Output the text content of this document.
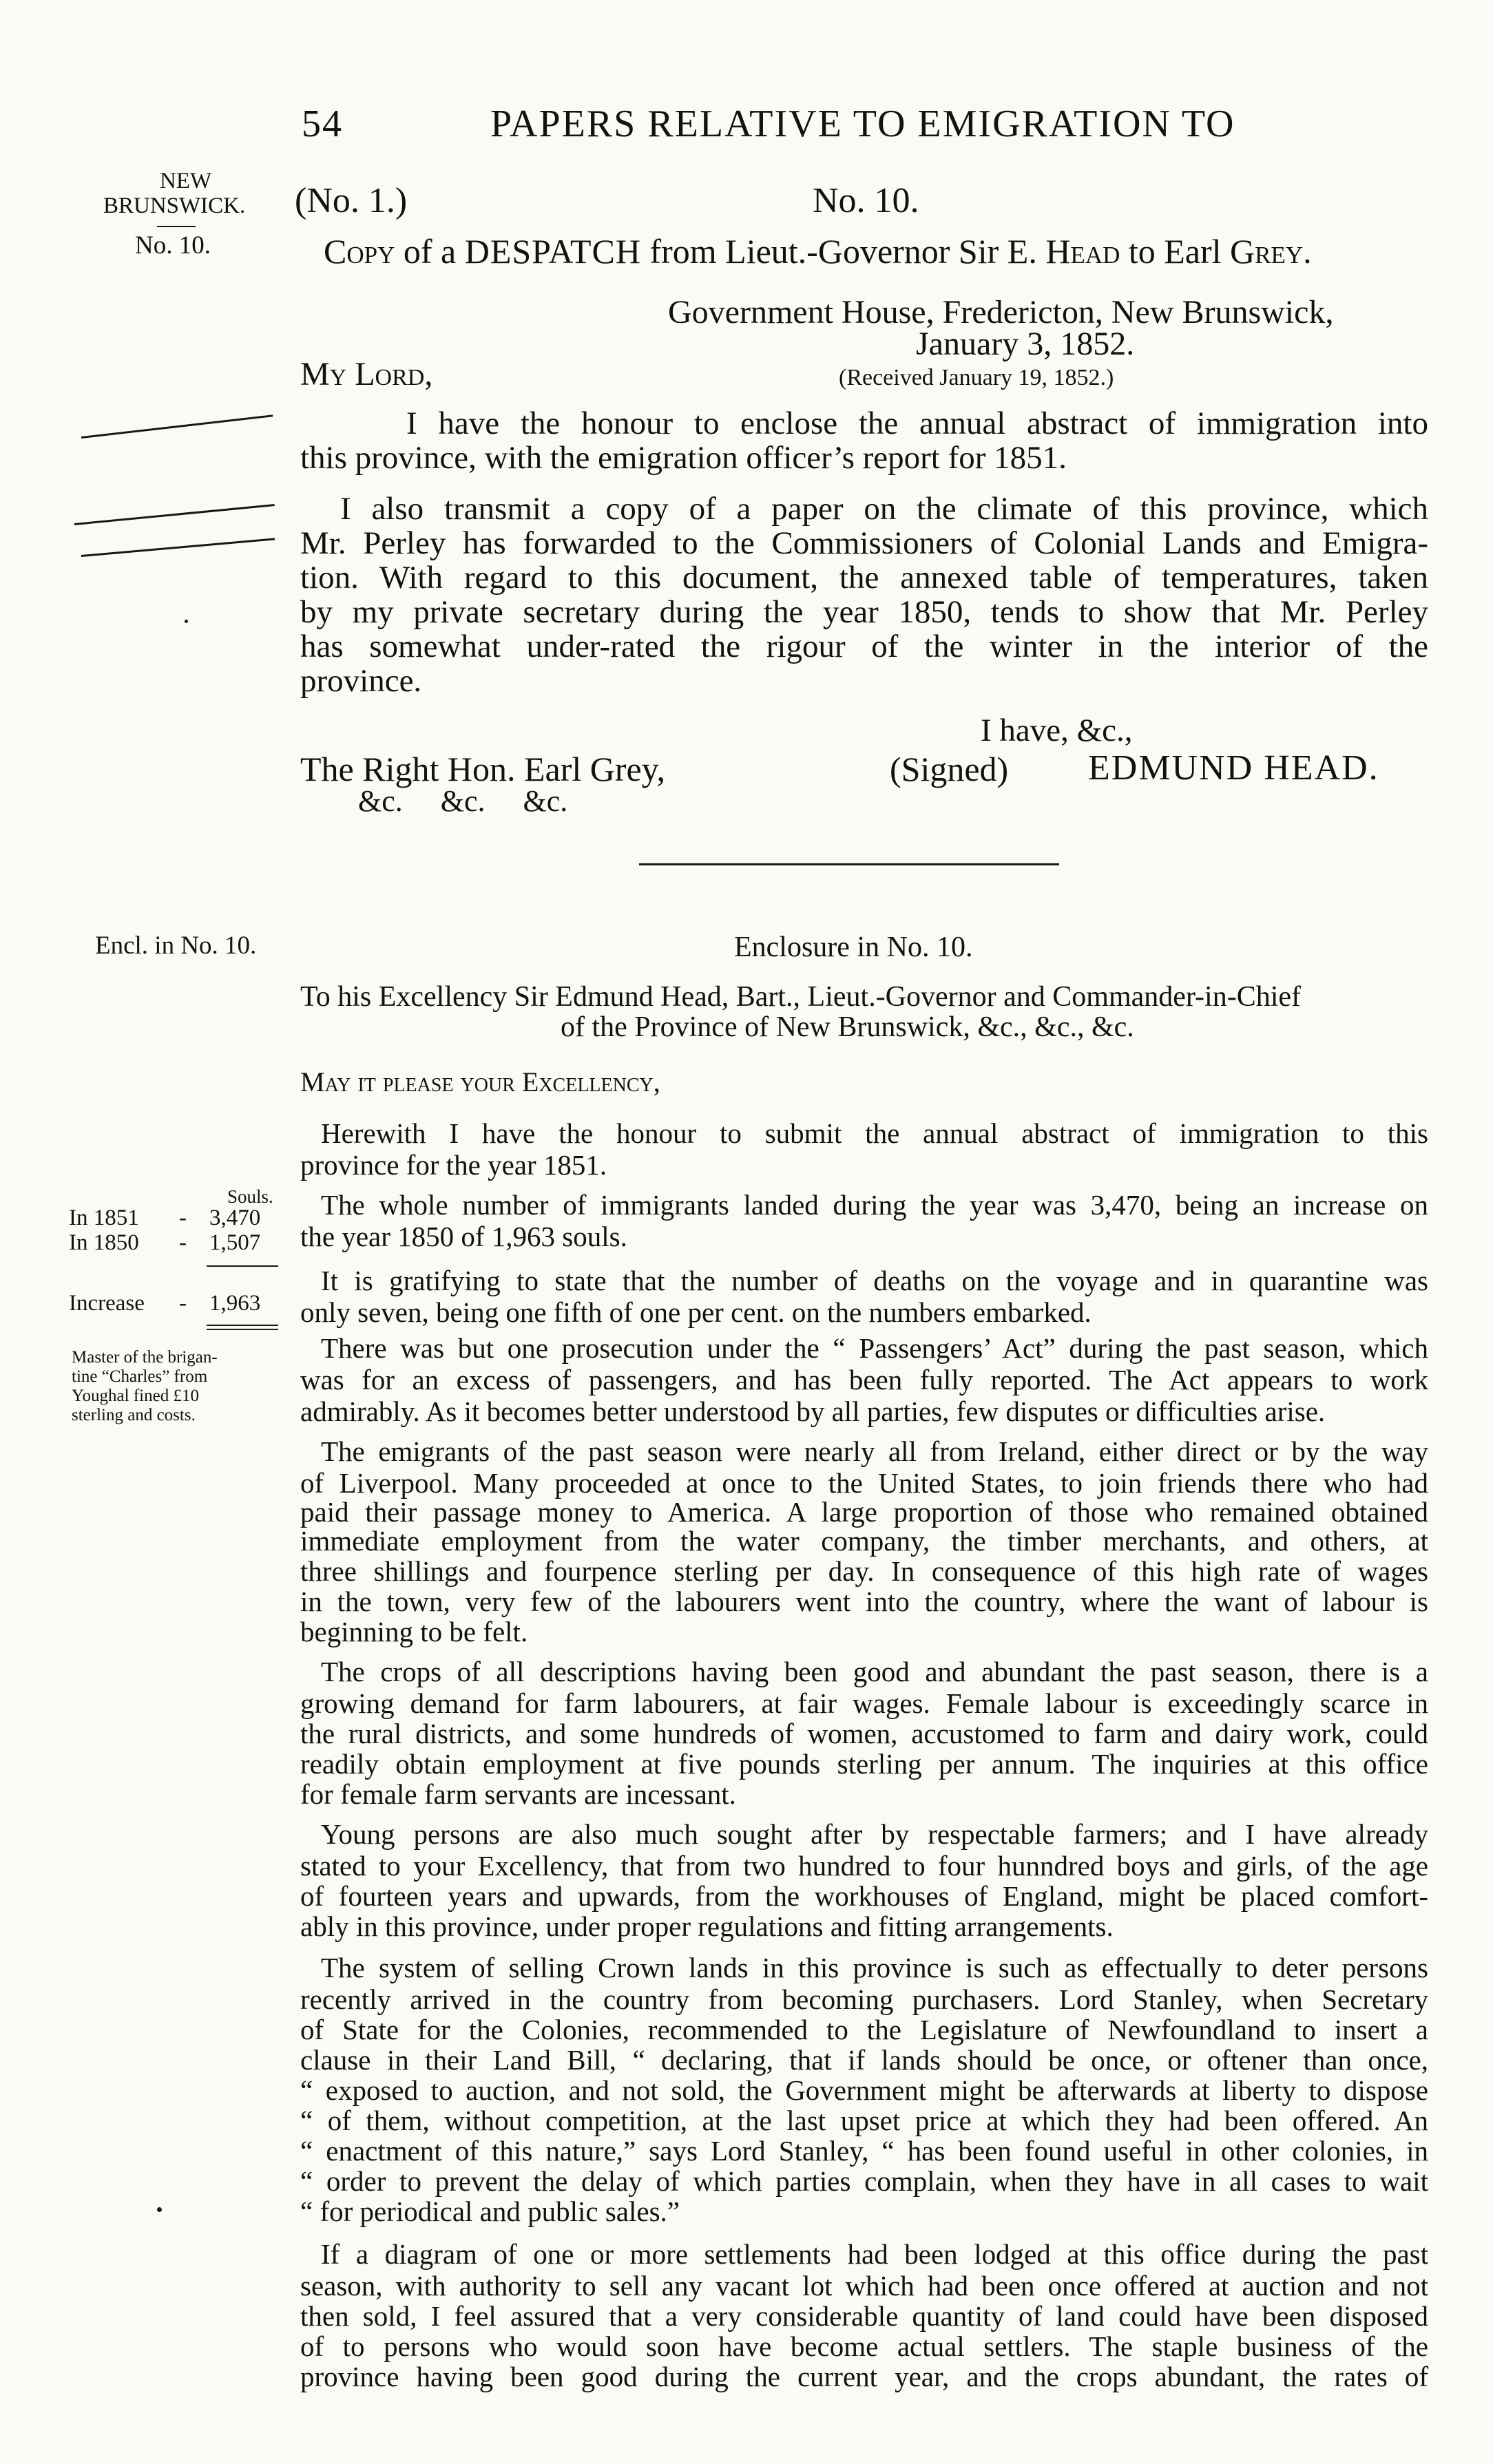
54	PAPERS RELATIVE TO EMIGRATION TO
NEW
BRUNSWICK.
No. 10.
(No. 1.)	No. 10.
Copy of a DESPATCH from Lieut.-Governor Sir E. Head to Earl Grey.
Government House, Fredericton, New Brunswick,
January 3, 1852.
My Lord,	(Received January 19, 1852.)
I have the honour to enclose the annual abstract of immigration into
this province, with the emigration officer’s report for 1851.
I also transmit a copy of a paper on the climate of this province, which
Mr. Perley has forwarded to the Commissioners of Colonial Lands and Emigra-
tion. With regard to this document, the annexed table of temperatures, taken
by my private secretary during the year 1850, tends to show that Mr. Perley
has somewhat under-rated the rigour of the winter in the interior of the
province.
I have, &c.,
The Right Hon. Earl Grey,	(Signed) EDMUND HEAD.
&c.     &c.     &c.
Encl. in No. 10.	Enclosure in No. 10.
To his Excellency Sir Edmund Head, Bart., Lieut.-Governor and Commander-in-Chief
of the Province of New Brunswick, &c., &c., &c.
May it please your Excellency,
Souls.
In 1851 - 3,470
In 1850 - 1,507
Increase - 1,963
Master of the brigan-
tine “Charles” from
Youghal fined £10
sterling and costs.
Herewith I have the honour to submit the annual abstract of immigration to this
province for the year 1851.
The whole number of immigrants landed during the year was 3,470, being an increase on
the year 1850 of 1,963 souls.
It is gratifying to state that the number of deaths on the voyage and in quarantine was
only seven, being one fifth of one per cent. on the numbers embarked.
There was but one prosecution under the “ Passengers’ Act” during the past season, which
was for an excess of passengers, and has been fully reported. The Act appears to work
admirably. As it becomes better understood by all parties, few disputes or difficulties arise.
The emigrants of the past season were nearly all from Ireland, either direct or by the way
of Liverpool. Many proceeded at once to the United States, to join friends there who had
paid their passage money to America. A large proportion of those who remained obtained
immediate employment from the water company, the timber merchants, and others, at
three shillings and fourpence sterling per day. In consequence of this high rate of wages
in the town, very few of the labourers went into the country, where the want of labour is
beginning to be felt.
The crops of all descriptions having been good and abundant the past season, there is a
growing demand for farm labourers, at fair wages. Female labour is exceedingly scarce in
the rural districts, and some hundreds of women, accustomed to farm and dairy work, could
readily obtain employment at five pounds sterling per annum. The inquiries at this office
for female farm servants are incessant.
Young persons are also much sought after by respectable farmers; and I have already
stated to your Excellency, that from two hundred to four hunndred boys and girls, of the age
of fourteen years and upwards, from the workhouses of England, might be placed comfort-
ably in this province, under proper regulations and fitting arrangements.
The system of selling Crown lands in this province is such as effectually to deter persons
recently arrived in the country from becoming purchasers. Lord Stanley, when Secretary
of State for the Colonies, recommended to the Legislature of Newfoundland to insert a
clause in their Land Bill, “ declaring, that if lands should be once, or oftener than once,
“ exposed to auction, and not sold, the Government might be afterwards at liberty to dispose
“ of them, without competition, at the last upset price at which they had been offered. An
“ enactment of this nature,” says Lord Stanley, “ has been found useful in other colonies, in
“ order to prevent the delay of which parties complain, when they have in all cases to wait
“ for periodical and public sales.”
If a diagram of one or more settlements had been lodged at this office during the past
season, with authority to sell any vacant lot which had been once offered at auction and not
then sold, I feel assured that a very considerable quantity of land could have been disposed
of to persons who would soon have become actual settlers. The staple business of the
province having been good during the current year, and the crops abundant, the rates of
